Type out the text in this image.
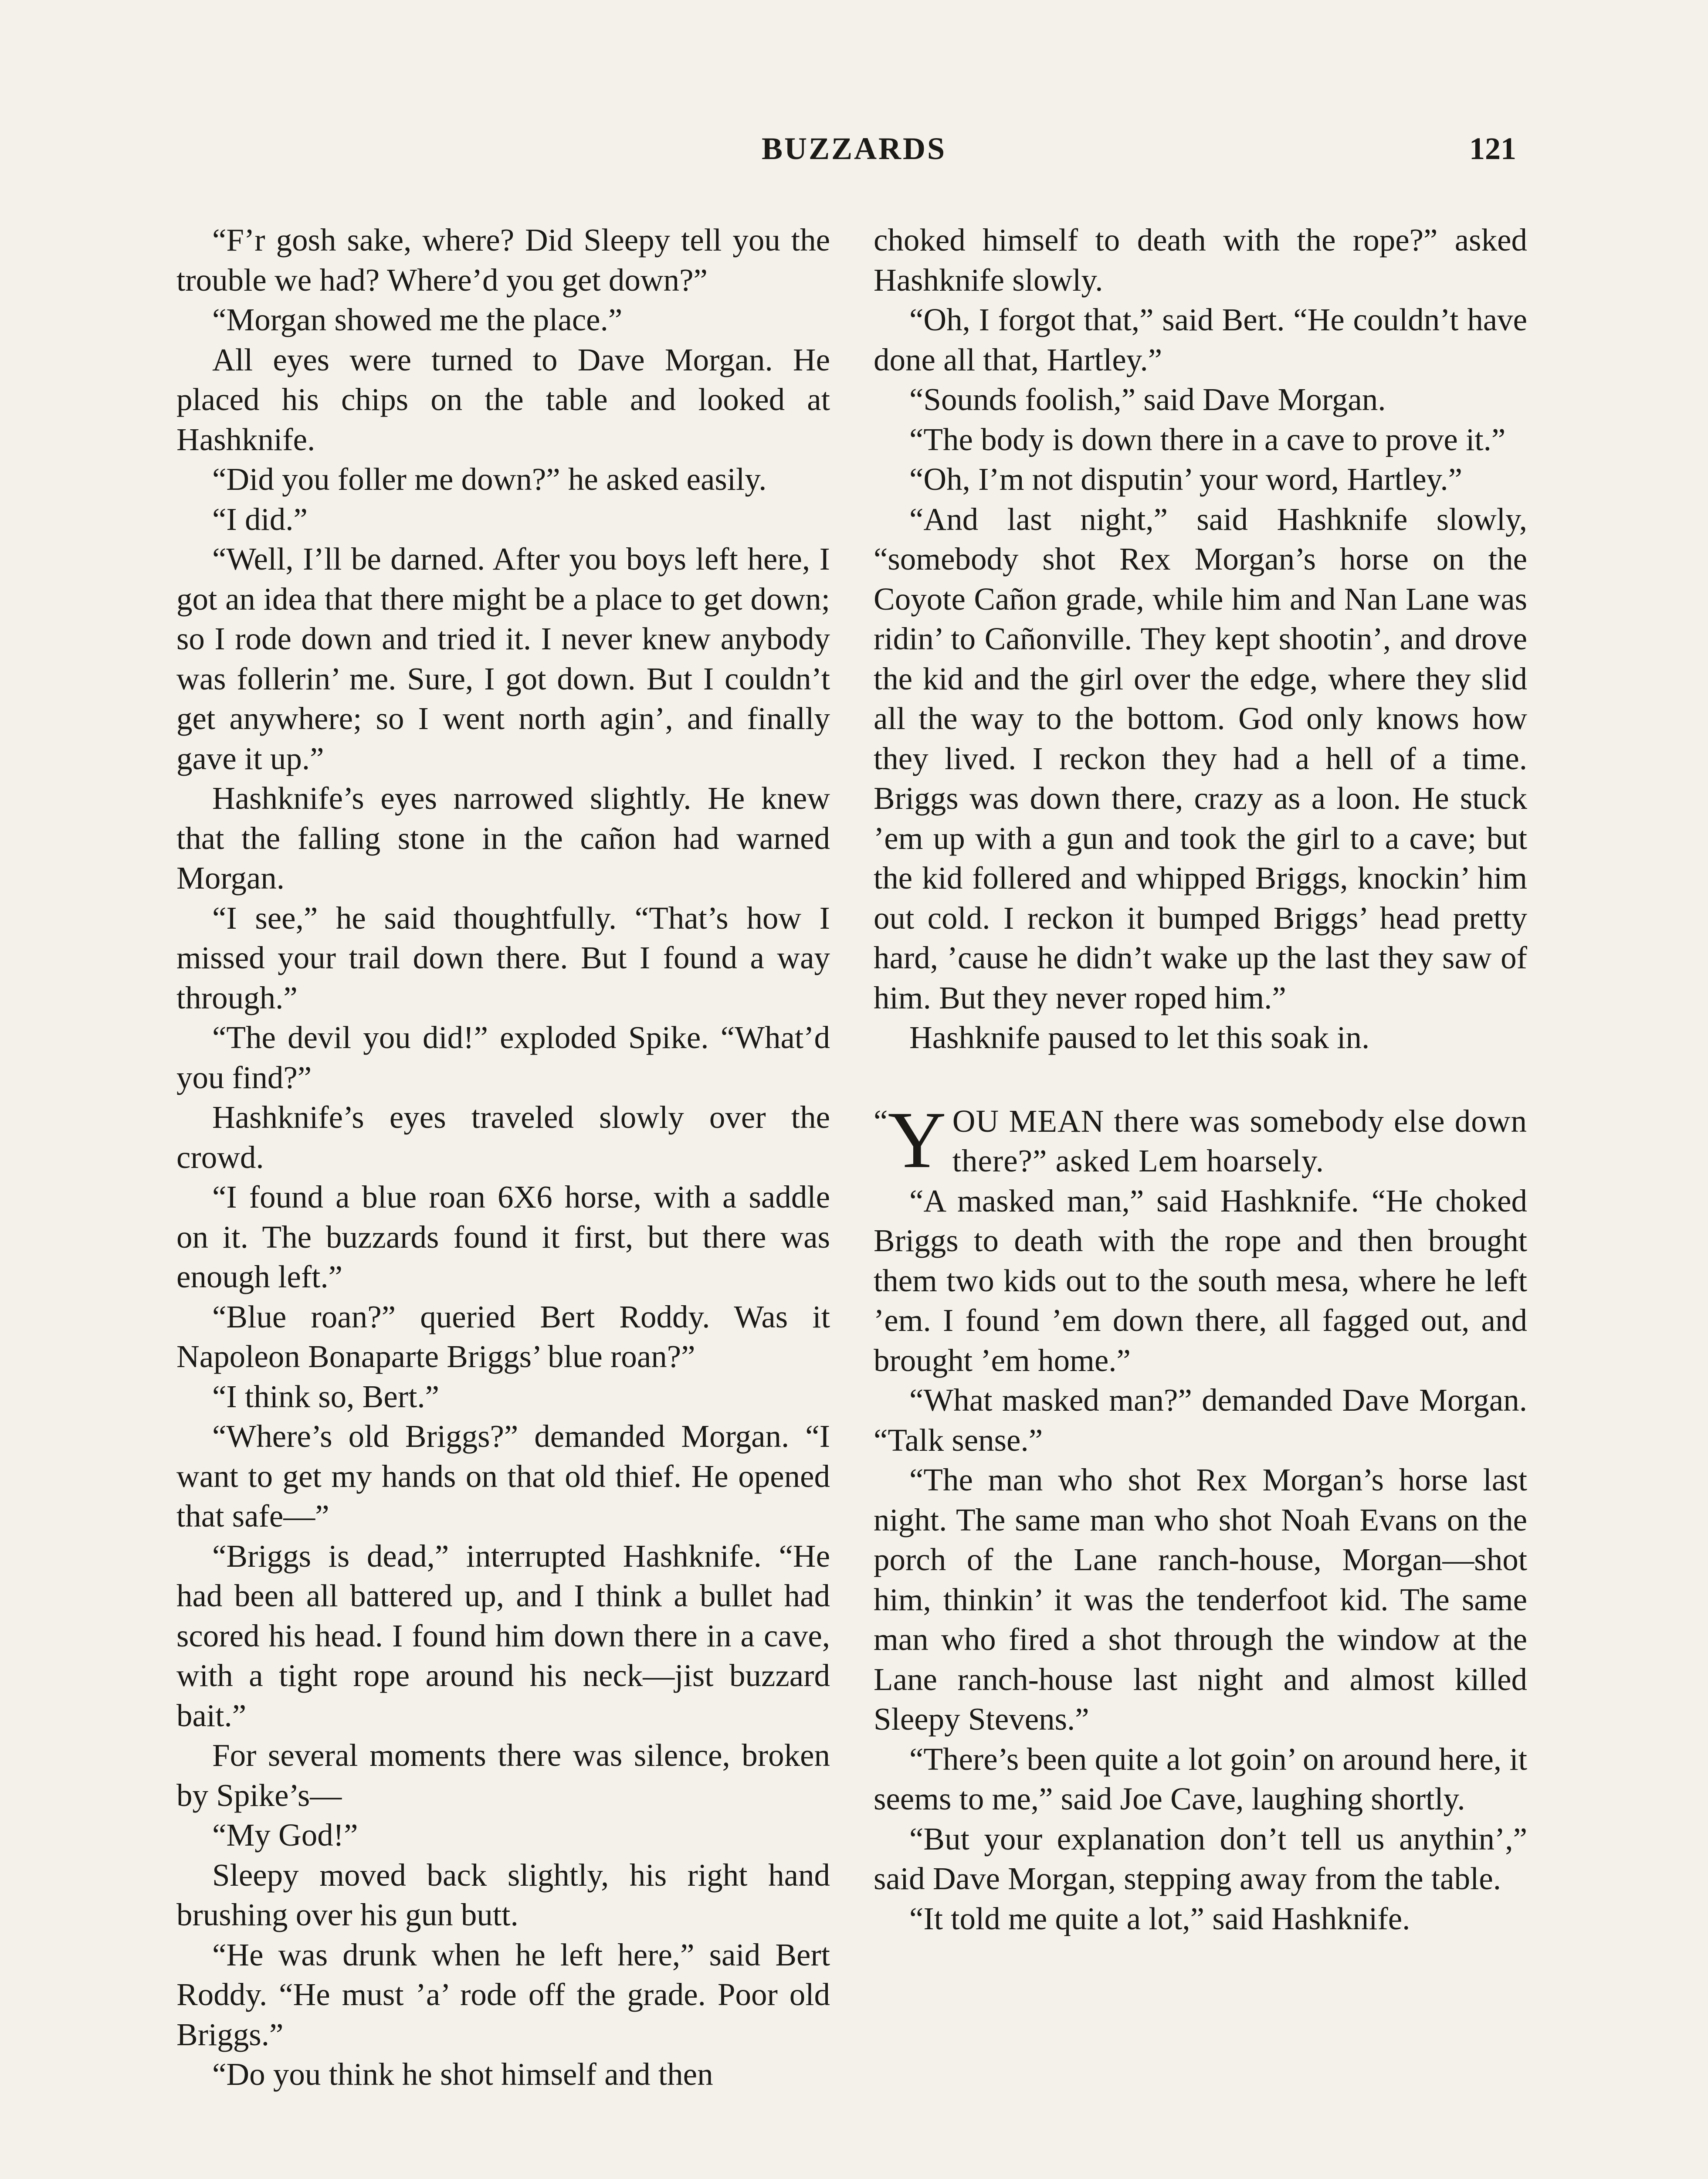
BUZZARDS	121

“F’r gosh sake, where? Did Sleepy tell you the trouble we had? Where’d you get down?”

“Morgan showed me the place.”

All eyes were turned to Dave Morgan. He placed his chips on the table and looked at Hashknife.

“Did you foller me down?” he asked easily.

“I did.”

“Well, I’ll be darned. After you boys left here, I got an idea that there might be a place to get down; so I rode down and tried it. I never knew anybody was follerin’ me. Sure, I got down. But I couldn’t get anywhere; so I went north agin’, and finally gave it up.”

Hashknife’s eyes narrowed slightly. He knew that the falling stone in the cañon had warned Morgan.

“I see,” he said thoughtfully. “That’s how I missed your trail down there. But I found a way through.”

“The devil you did!” exploded Spike. “What’d you find?”

Hashknife’s eyes traveled slowly over the crowd.

“I found a blue roan 6X6 horse, with a saddle on it. The buzzards found it first, but there was enough left.”

“Blue roan?” queried Bert Roddy. Was it Napoleon Bonaparte Briggs’ blue roan?”

“I think so, Bert.”

“Where’s old Briggs?” demanded Morgan. “I want to get my hands on that old thief. He opened that safe—”

“Briggs is dead,” interrupted Hashknife. “He had been all battered up, and I think a bullet had scored his head. I found him down there in a cave, with a tight rope around his neck—jist buzzard bait.”

For several moments there was silence, broken by Spike’s—

“My God!”

Sleepy moved back slightly, his right hand brushing over his gun butt.

“He was drunk when he left here,” said Bert Roddy. “He must ’a’ rode off the grade. Poor old Briggs.”

“Do you think he shot himself and then

choked himself to death with the rope?” asked Hashknife slowly.

“Oh, I forgot that,” said Bert. “He couldn’t have done all that, Hartley.”

“Sounds foolish,” said Dave Morgan.

“The body is down there in a cave to prove it.”

“Oh, I’m not disputin’ your word, Hartley.”

“And last night,” said Hashknife slowly, “somebody shot Rex Morgan’s horse on the Coyote Cañon grade, while him and Nan Lane was ridin’ to Cañonville. They kept shootin’, and drove the kid and the girl over the edge, where they slid all the way to the bottom. God only knows how they lived. I reckon they had a hell of a time. Briggs was down there, crazy as a loon. He stuck ’em up with a gun and took the girl to a cave; but the kid follered and whipped Briggs, knockin’ him out cold. I reckon it bumped Briggs’ head pretty hard, ’cause he didn’t wake up the last they saw of him. But they never roped him.”

Hashknife paused to let this soak in.

“ Y OU MEAN there was somebody else down there?” asked Lem hoarsely.

“A masked man,” said Hashknife. “He choked Briggs to death with the rope and then brought them two kids out to the south mesa, where he left ’em. I found ’em down there, all fagged out, and brought ’em home.”

“What masked man?” demanded Dave Morgan. “Talk sense.”

“The man who shot Rex Morgan’s horse last night. The same man who shot Noah Evans on the porch of the Lane ranch-house, Morgan—shot him, thinkin’ it was the tenderfoot kid. The same man who fired a shot through the window at the Lane ranch-house last night and almost killed Sleepy Stevens.”

“There’s been quite a lot goin’ on around here, it seems to me,” said Joe Cave, laughing shortly.

“But your explanation don’t tell us anythin’,” said Dave Morgan, stepping away from the table.

“It told me quite a lot,” said Hashknife.
